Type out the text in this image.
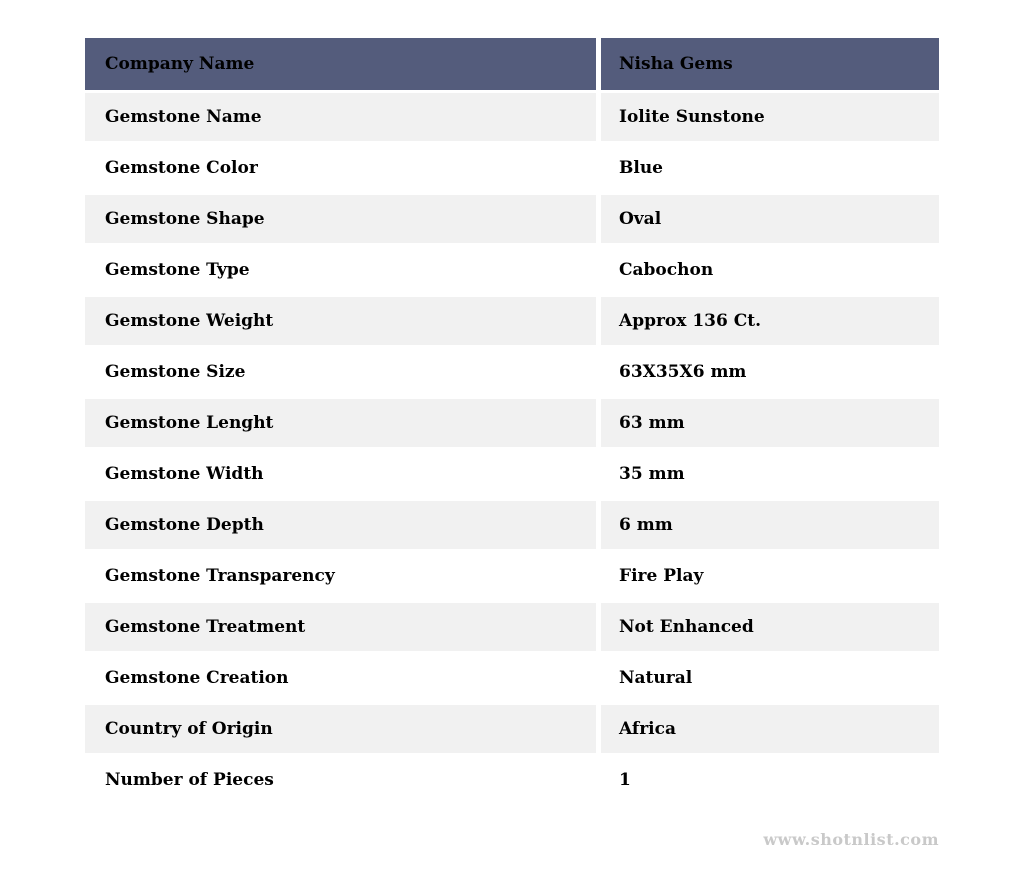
Company Name	Nisha Gems
Gemstone Name	Iolite Sunstone
Gemstone Color	Blue
Gemstone Shape	Oval
Gemstone Type	Cabochon
Gemstone Weight	Approx 136 Ct.
Gemstone Size	63X35X6 mm
Gemstone Lenght	63 mm
Gemstone Width	35 mm
Gemstone Depth	6 mm
Gemstone Transparency	Fire Play
Gemstone Treatment	Not Enhanced
Gemstone Creation	Natural
Country of Origin	Africa
Number of Pieces	1
www.shotnlist.com
